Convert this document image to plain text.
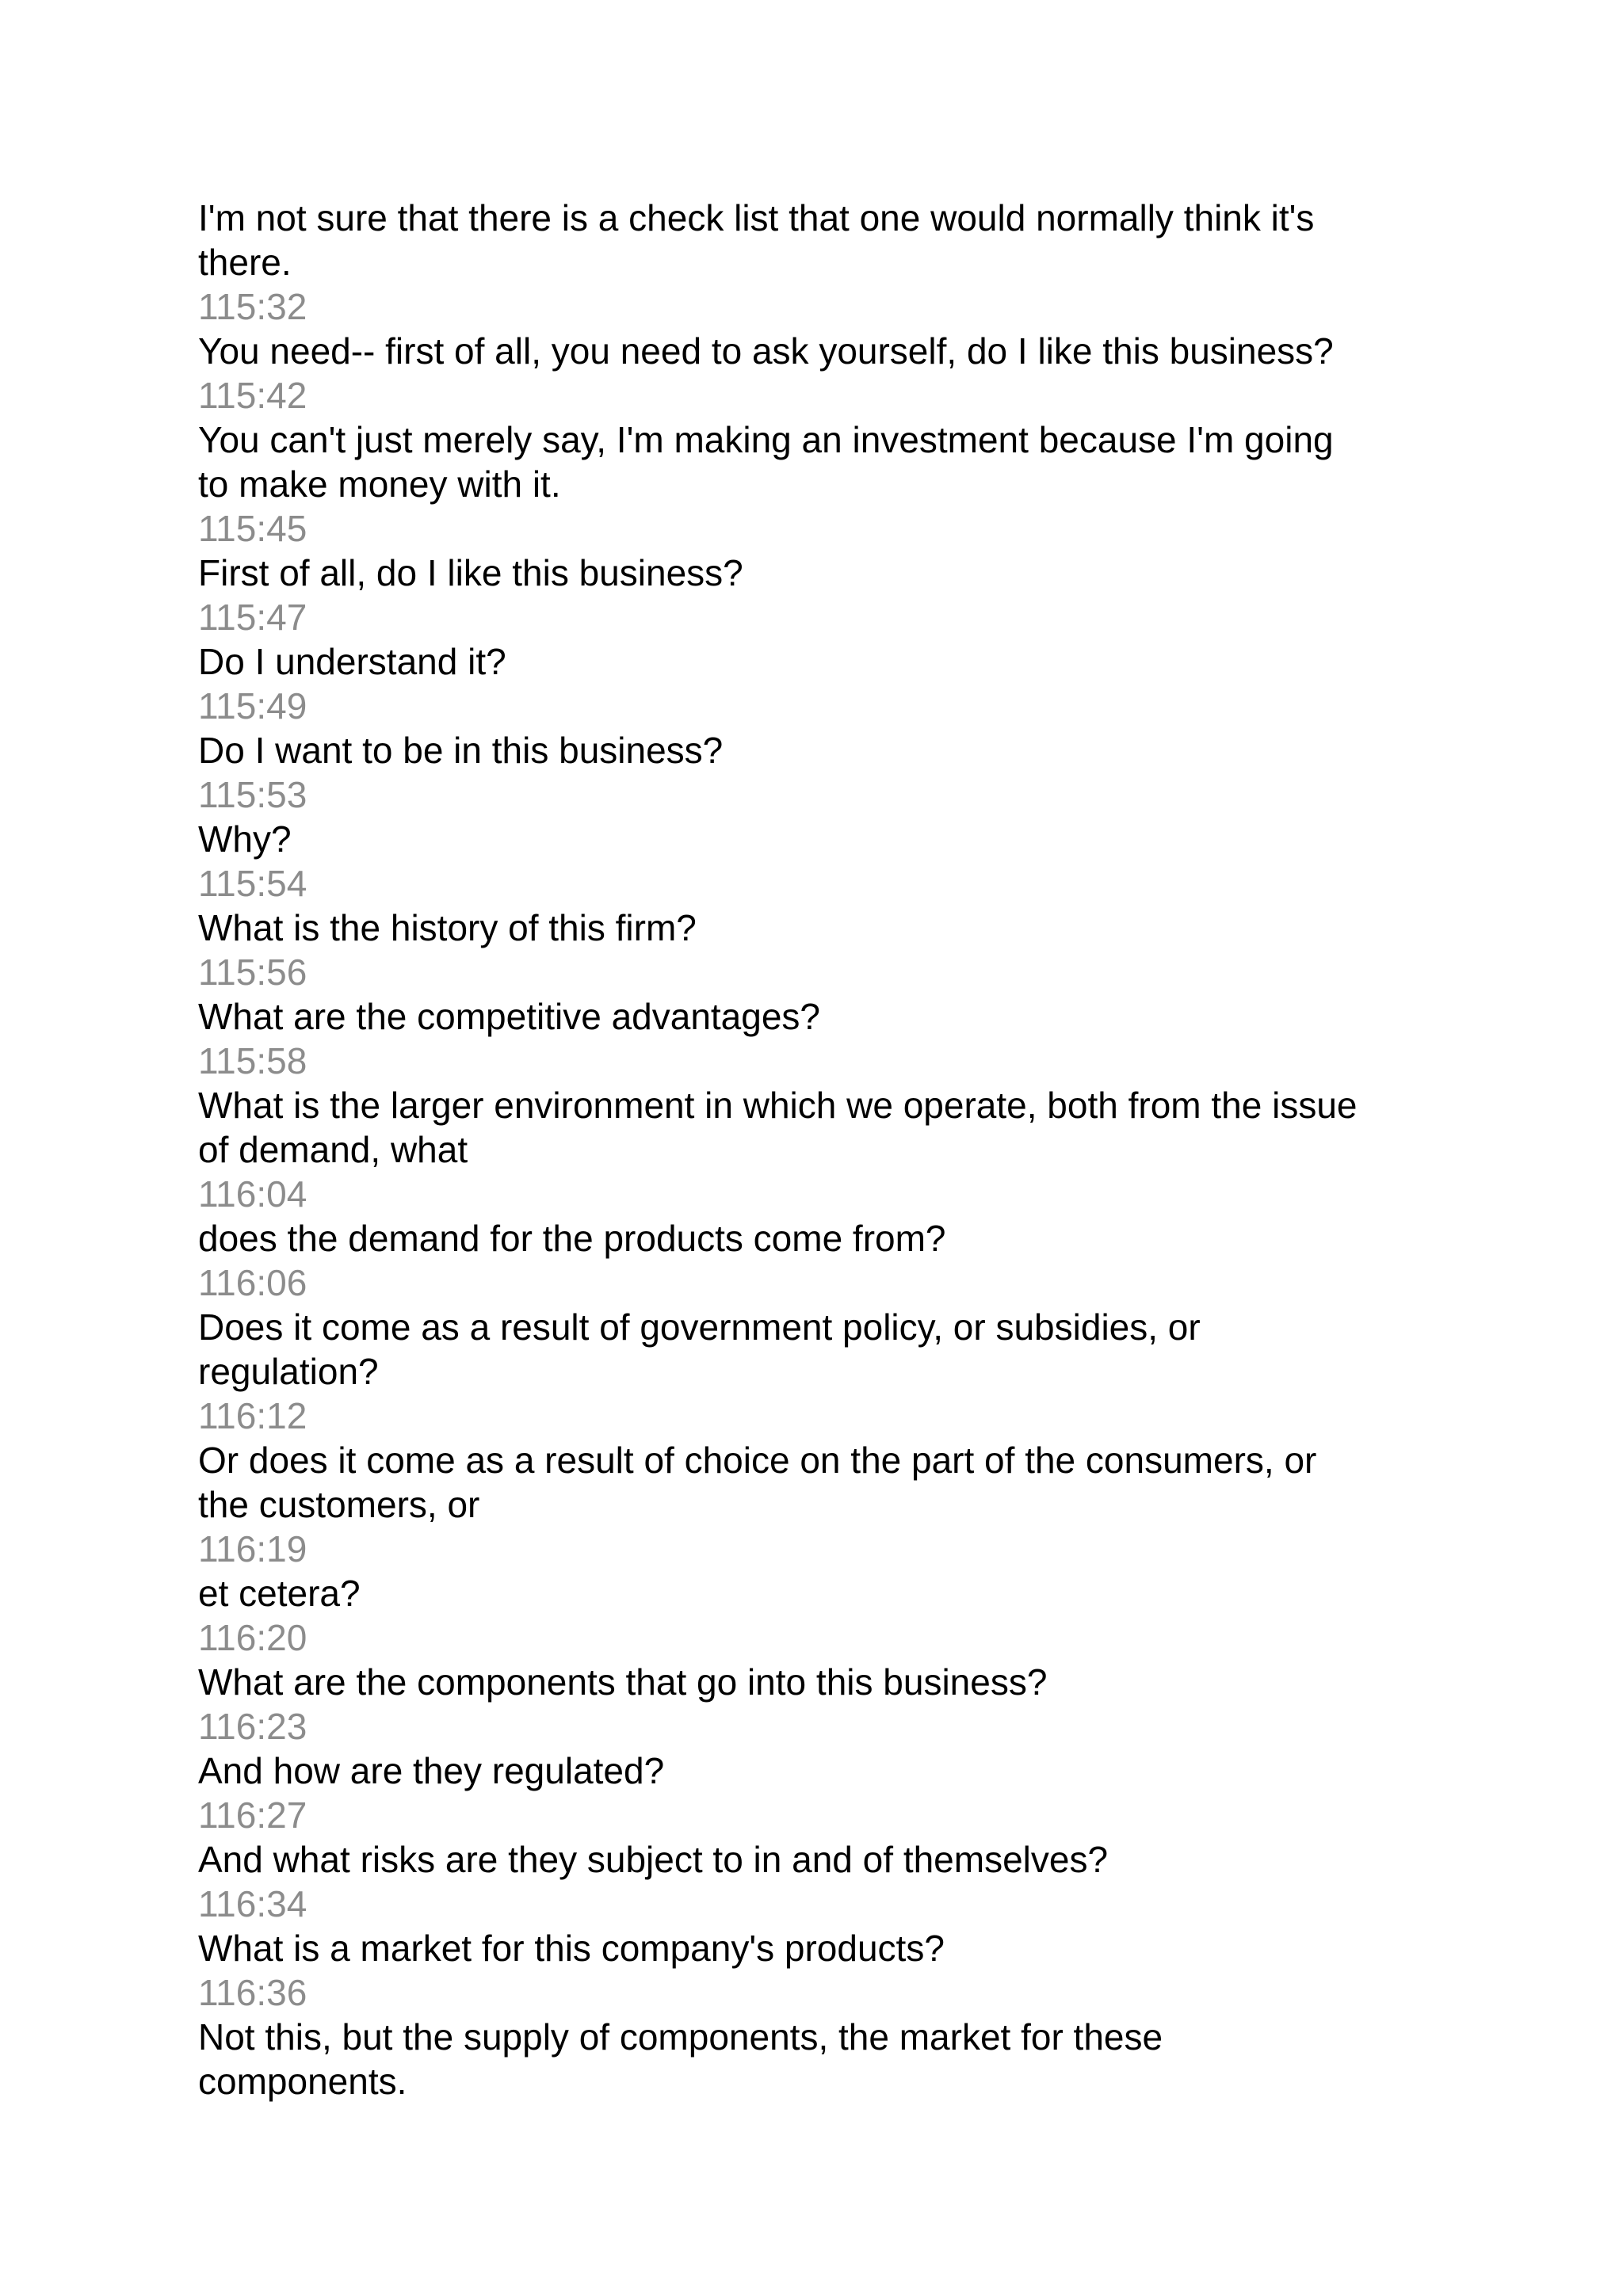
I'm not sure that there is a check list that one would normally think it's
there.
115:32
You need-- first of all, you need to ask yourself, do I like this business?
115:42
You can't just merely say, I'm making an investment because I'm going
to make money with it.
115:45
First of all, do I like this business?
115:47
Do I understand it?
115:49
Do I want to be in this business?
115:53
Why?
115:54
What is the history of this firm?
115:56
What are the competitive advantages?
115:58
What is the larger environment in which we operate, both from the issue
of demand, what
116:04
does the demand for the products come from?
116:06
Does it come as a result of government policy, or subsidies, or
regulation?
116:12
Or does it come as a result of choice on the part of the consumers, or
the customers, or
116:19
et cetera?
116:20
What are the components that go into this business?
116:23
And how are they regulated?
116:27
And what risks are they subject to in and of themselves?
116:34
What is a market for this company's products?
116:36
Not this, but the supply of components, the market for these
components.
